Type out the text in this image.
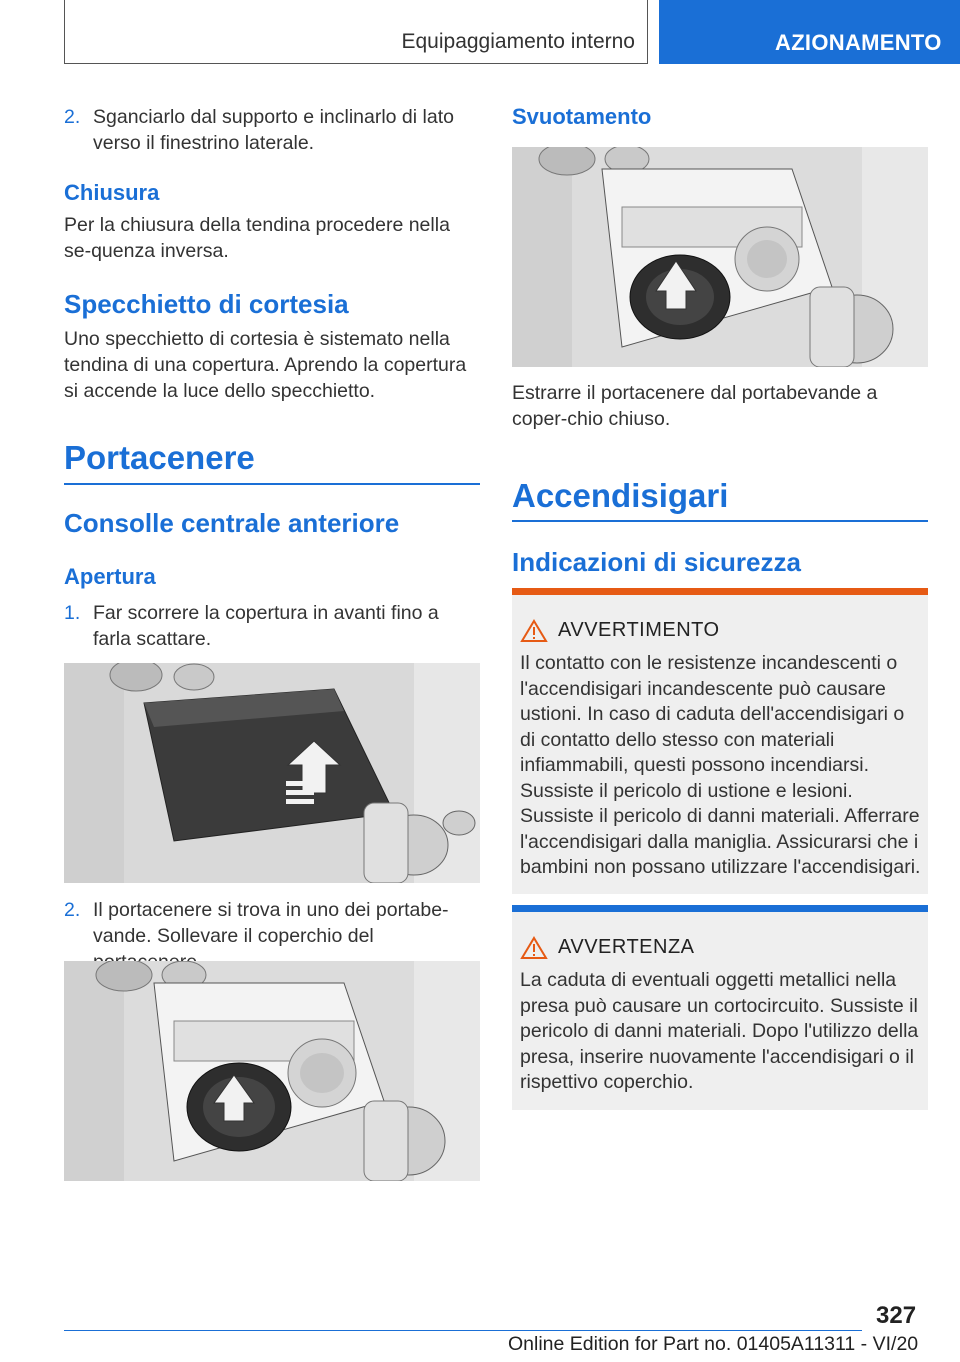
Equipaggiamento interno	AZIONAMENTO
2. Sganciarlo dal supporto e inclinarlo di lato verso il finestrino laterale.
Chiusura
Per la chiusura della tendina procedere nella se-quenza inversa.
Specchietto di cortesia
Uno specchietto di cortesia è sistemato nella tendina di una copertura. Aprendo la copertura si accende la luce dello specchietto.
Portacenere
Consolle centrale anteriore
Apertura
1. Far scorrere la copertura in avanti fino a farla scattare.
2. Il portacenere si trova in uno dei portabe-vande. Sollevare il coperchio del
Svuotamento
Estrarre il portacenere dal portabevande a coper-chio chiuso.
Accendisigari
Indicazioni di sicurezza
AVVERTIMENTO
Il contatto con le resistenze incandescenti o l'accendisigari incandescente può causare ustioni. In caso di caduta dell'accendisigari o di contatto dello stesso con materiali infiammabili, questi possono incendiarsi. Sussiste il pericolo di ustione e lesioni. Sussiste il pericolo di danni materiali. Afferrare l'accendisigari dalla maniglia. Assicurarsi che i bambini non possano utilizzare l'accendisigari.
AVVERTENZA
La caduta di eventuali oggetti metallici nella presa può causare un cortocircuito. Sussiste il pericolo di danni materiali. Dopo l'utilizzo della presa, inserire nuovamente l'accendisigari o il rispettivo coperchio.
327
Online Edition for Part no. 01405A11311 - VI/20
